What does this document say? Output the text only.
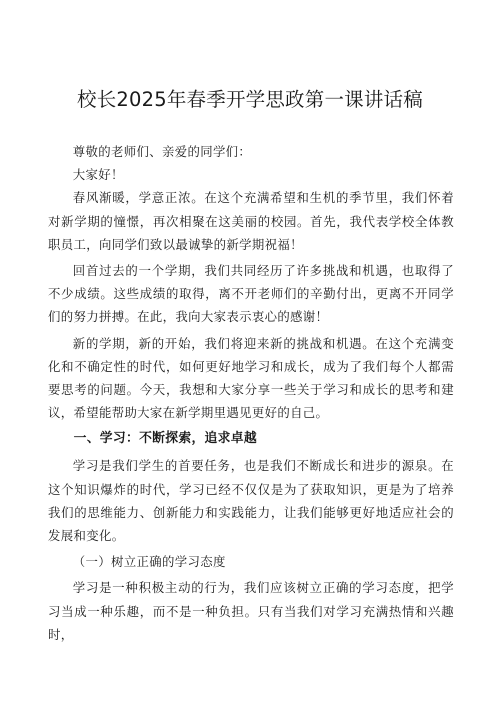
校长2025年春季开学思政第一课讲话稿

尊敬的老师们、亲爱的同学们：

大家好！

春风渐暖，学意正浓。在这个充满希望和生机的季节里，我们怀着对新学期的憧憬，再次相聚在这美丽的校园。首先，我代表学校全体教职员工，向同学们致以最诚挚的新学期祝福！

回首过去的一个学期，我们共同经历了许多挑战和机遇，也取得了不少成绩。这些成绩的取得，离不开老师们的辛勤付出，更离不开同学们的努力拼搏。在此，我向大家表示衷心的感谢！

新的学期，新的开始，我们将迎来新的挑战和机遇。在这个充满变化和不确定性的时代，如何更好地学习和成长，成为了我们每个人都需要思考的问题。今天，我想和大家分享一些关于学习和成长的思考和建议，希望能帮助大家在新学期里遇见更好的自己。

一、学习：不断探索，追求卓越

学习是我们学生的首要任务，也是我们不断成长和进步的源泉。在这个知识爆炸的时代，学习已经不仅仅是为了获取知识，更是为了培养我们的思维能力、创新能力和实践能力，让我们能够更好地适应社会的发展和变化。

（一）树立正确的学习态度

学习是一种积极主动的行为，我们应该树立正确的学习态度，把学习当成一种乐趣，而不是一种负担。只有当我们对学习充满热情和兴趣时，
